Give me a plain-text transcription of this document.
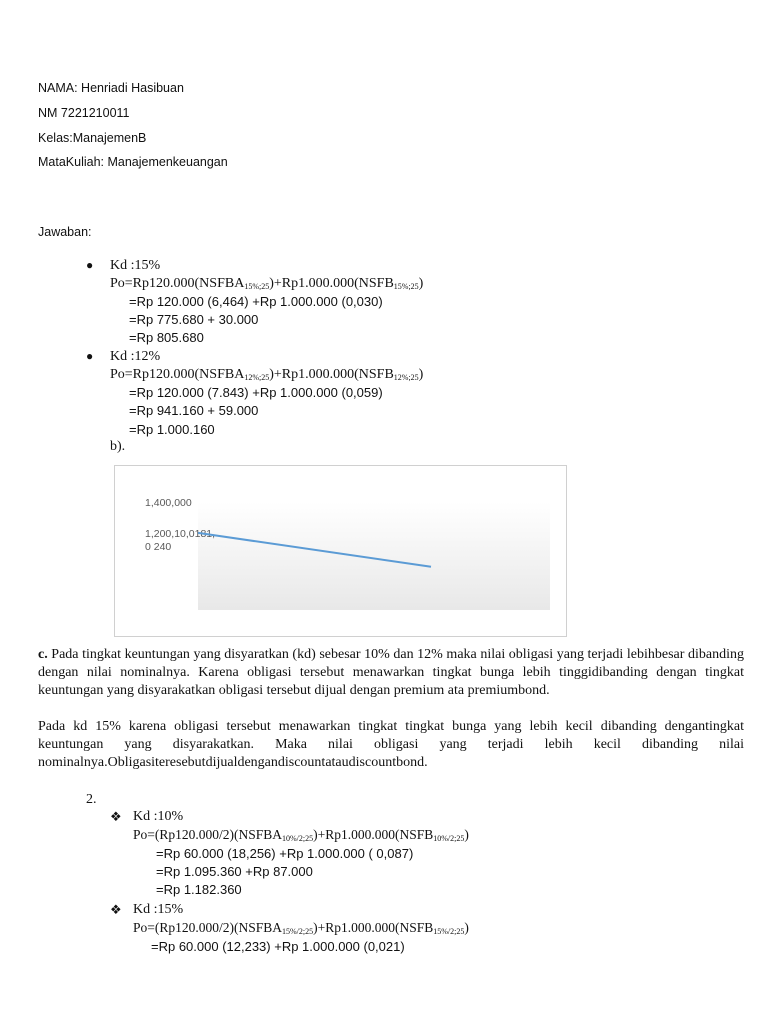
NAMA: Henriadi Hasibuan
NM 7221210011
Kelas:ManajemenB
MataKuliah: Manajemenkeuangan
Jawaban:
● Kd :15%
$Po=Rp120.000(NSFBA_{15\%;25})+Rp1.000.000(NSFB_{15\%;25})$
=Rp 120.000 (6,464) +Rp 1.000.000 (0,030)
=Rp 775.680 + 30.000
=Rp 805.680
● Kd :12%
$Po=Rp120.000(NSFBA_{12\%;25})+Rp1.000.000(NSFB_{12\%;25})$
=Rp 120.000 (7.843) +Rp 1.000.000 (0,059)
=Rp 941.160 + 59.000
=Rp 1.000.160
b).
1,400,000
1,200,10,0181,
0 240
c. Pada tingkat keuntungan yang disyaratkan (kd) sebesar 10% dan 12% maka nilai obligasi yang terjadi lebihbesar dibanding dengan nilai nominalnya. Karena obligasi tersebut menawarkan tingkat bunga lebih tinggidibanding dengan tingkat keuntungan yang disyarakatkan obligasi tersebut dijual dengan premium ata premiumbond.
Pada kd 15% karena obligasi tersebut menawarkan tingkat tingkat bunga yang lebih kecil dibanding dengantingkat keuntungan yang disyarakatkan. Maka nilai obligasi yang terjadi lebih kecil dibanding nilai nominalnya.Obligasiteresebutdijualdengandiscountataudiscountbond.
2.
❖ Kd :10%
$Po=(Rp120.000/2)(NSFBA_{10\%/2;25})+Rp1.000.000(NSFB_{10\%/2;25})$
=Rp 60.000 (18,256) +Rp 1.000.000 ( 0,087)
=Rp 1.095.360 +Rp 87.000
=Rp 1.182.360
❖ Kd :15%
$Po=(Rp120.000/2)(NSFBA_{15\%/2;25})+Rp1.000.000(NSFB_{15\%/2;25})$
=Rp 60.000 (12,233) +Rp 1.000.000 (0,021)
